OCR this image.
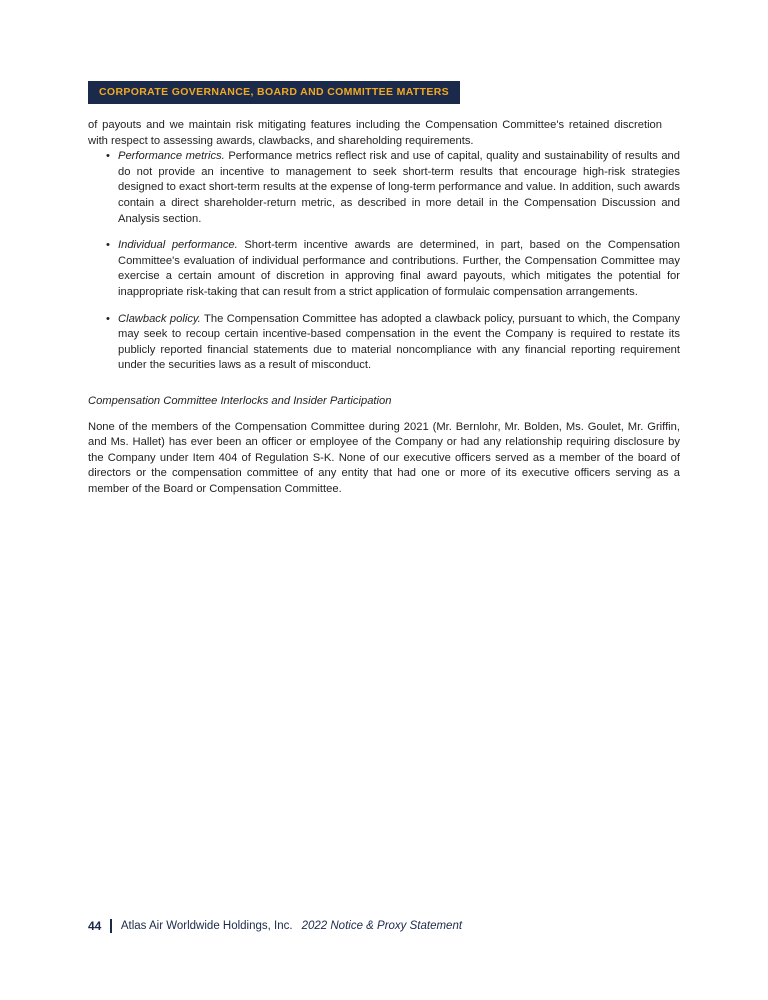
CORPORATE GOVERNANCE, BOARD AND COMMITTEE MATTERS

of payouts and we maintain risk mitigating features including the Compensation Committee's retained discretion with respect to assessing awards, clawbacks, and shareholding requirements.

• Performance metrics. Performance metrics reflect risk and use of capital, quality and sustainability of results and do not provide an incentive to management to seek short-term results that encourage high-risk strategies designed to exact short-term results at the expense of long-term performance and value. In addition, such awards contain a direct shareholder-return metric, as described in more detail in the Compensation Discussion and Analysis section.
• Individual performance. Short-term incentive awards are determined, in part, based on the Compensation Committee's evaluation of individual performance and contributions. Further, the Compensation Committee may exercise a certain amount of discretion in approving final award payouts, which mitigates the potential for inappropriate risk-taking that can result from a strict application of formulaic compensation arrangements.
• Clawback policy. The Compensation Committee has adopted a clawback policy, pursuant to which, the Company may seek to recoup certain incentive-based compensation in the event the Company is required to restate its publicly reported financial statements due to material noncompliance with any financial reporting requirement under the securities laws as a result of misconduct.
Compensation Committee Interlocks and Insider Participation

None of the members of the Compensation Committee during 2021 (Mr. Bernlohr, Mr. Bolden, Ms. Goulet, Mr. Griffin, and Ms. Hallet) has ever been an officer or employee of the Company or had any relationship requiring disclosure by the Company under Item 404 of Regulation S-K. None of our executive officers served as a member of the board of directors or the compensation committee of any entity that had one or more of its executive officers serving as a member of the Board or Compensation Committee.

44	Atlas Air Worldwide Holdings, Inc. 2022 Notice & Proxy Statement
